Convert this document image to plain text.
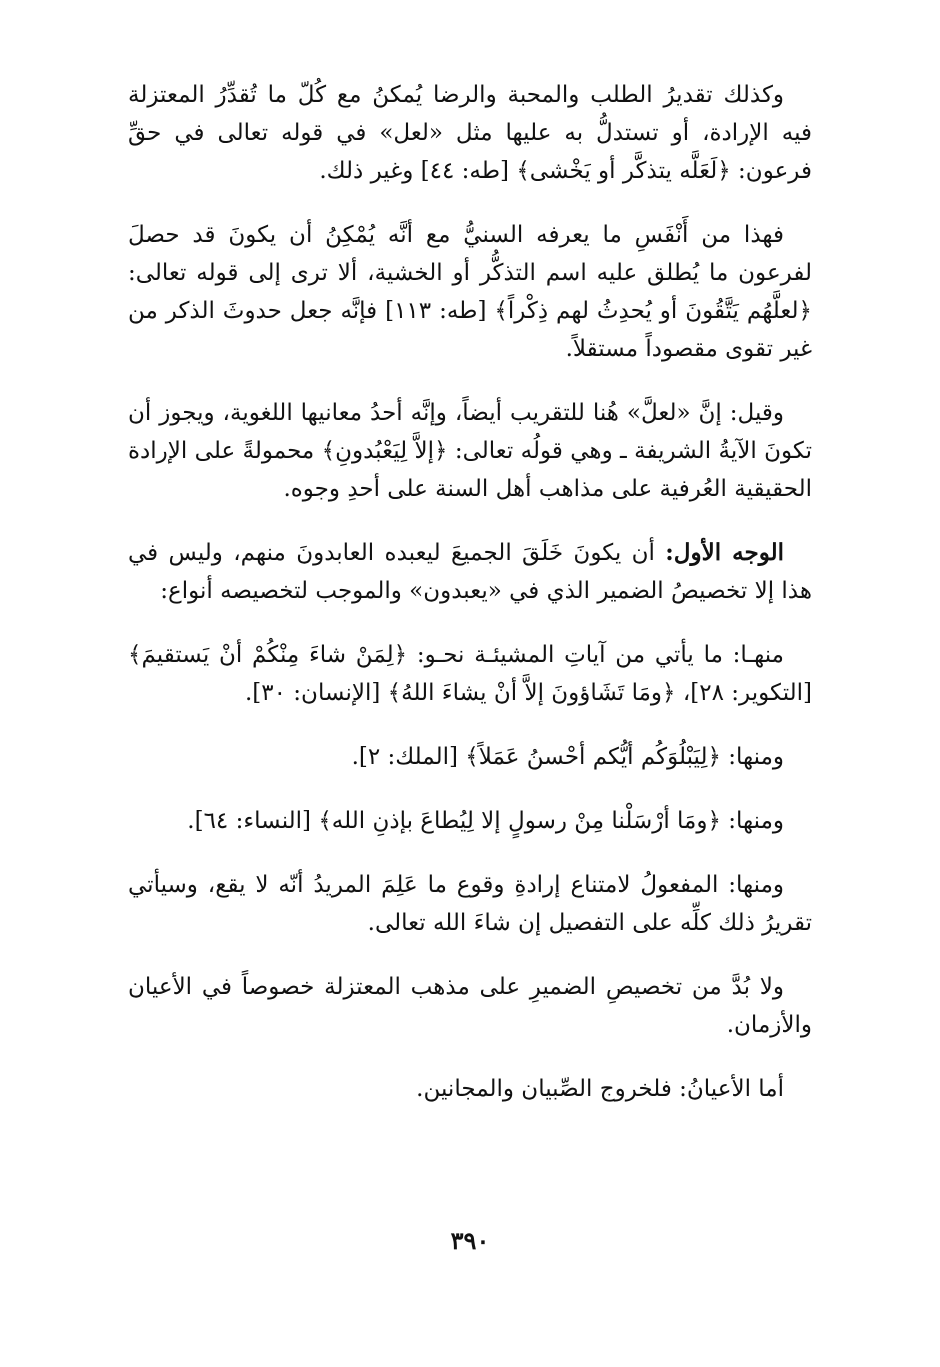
وكذلك تقديرُ الطلب والمحبة والرضا يُمكنُ مع كُلّ ما تُقدِّرُ المعتزلة فيه الإرادة، أو تستدلُّ به عليها مثل «لعل» في قوله تعالى في حقِّ فرعون: ﴿لَعَلَّه يتذكَّر أو يَخْشى﴾ [طه: ٤٤] وغير ذلك.

فهذا من أَنْفَسِ ما يعرفه السنيُّ مع أنَّه يُمْكِنُ أن يكونَ قد حصلَ لفرعون ما يُطلق عليه اسم التذكُّر أو الخشية، ألا ترى إلى قوله تعالى: ﴿لعلَّهُم يَتَّقُونَ أو يُحدِثُ لهم ذِكْراً﴾ [طه: ١١٣] فإنَّه جعل حدوثَ الذكر من غير تقوى مقصوداً مستقلاً.

وقيل: إنَّ «لعلَّ» هُنا للتقريب أيضاً، وإنَّه أحدُ معانيها اللغوية، ويجوز أن تكونَ الآيةُ الشريفة ـ وهي قولُه تعالى: ﴿إلاَّ لِيَعْبُدونِ﴾ محمولةً على الإرادة الحقيقية العُرفية على مذاهب أهل السنة على أحدِ وجوه.

الوجه الأول: أن يكونَ خَلَقَ الجميعَ ليعبده العابدونَ منهم، وليس في هذا إلا تخصيصُ الضمير الذي في «يعبدون» والموجب لتخصيصه أنواع:

منهـا: ما يأتي من آياتِ المشيئـة نحـو: ﴿لِمَنْ شاءَ مِنْكُمْ أنْ يَستقيمَ﴾ [التكوير: ٢٨]، ﴿ومَا تَشَاؤونَ إلاَّ أنْ يشاءَ اللهُ﴾ [الإنسان: ٣٠].

ومنها: ﴿لِيَبْلُوَكُم أيُّكم أحْسنُ عَمَلاً﴾ [الملك: ٢].

ومنها: ﴿ومَا أرْسَلْنا مِنْ رسولٍ إلا لِيُطاعَ بإذنِ الله﴾ [النساء: ٦٤].

ومنها: المفعولُ لامتناع إرادةِ وقوع ما عَلِمَ المريدُ أنّه لا يقع، وسيأتي تقريرُ ذلك كلِّه على التفصيل إن شاءَ الله تعالى.

ولا بُدَّ من تخصيصِ الضميرِ على مذهب المعتزلة خصوصاً في الأعيان والأزمان.

أما الأعيانُ: فلخروج الصِّبيان والمجانين.

٣٩٠
